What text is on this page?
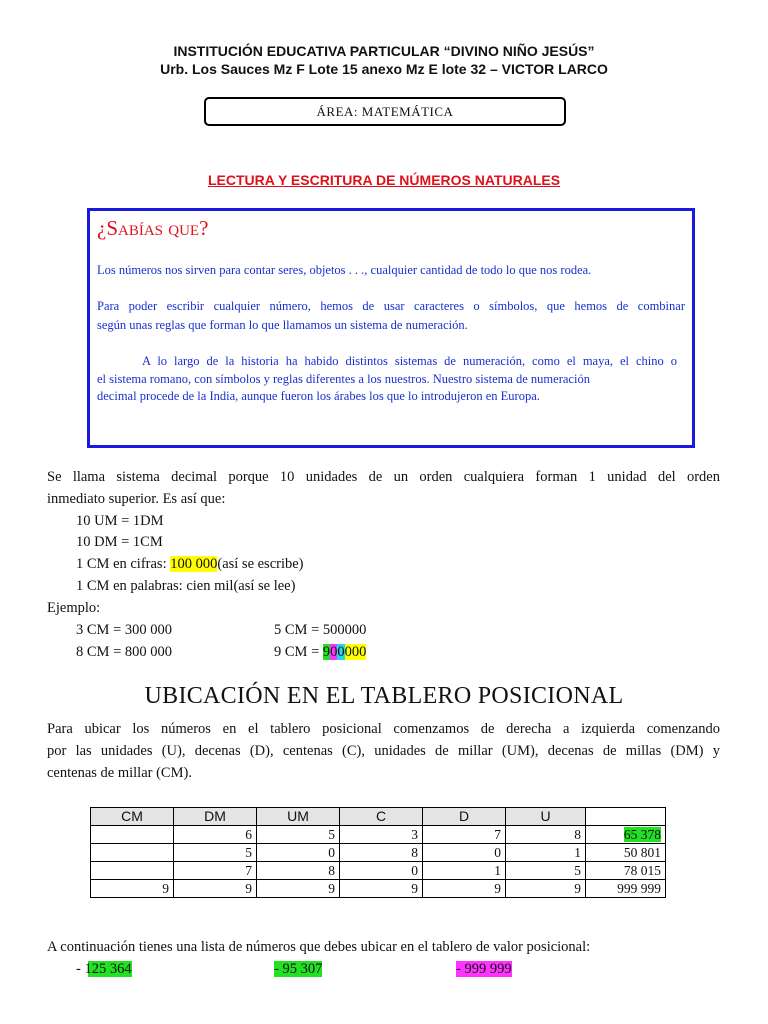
INSTITUCIÓN EDUCATIVA PARTICULAR “DIVINO NIÑO JESÚS”
Urb. Los Sauces Mz F Lote 15 anexo Mz E lote 32 – VICTOR LARCO
ÁREA: MATEMÁTICA
LECTURA Y ESCRITURA DE NÚMEROS NATURALES
¿Sabías que?
Los números nos sirven para contar seres, objetos . . ., cualquier cantidad de todo lo que nos rodea.
Para poder escribir cualquier número, hemos de usar caracteres o símbolos, que hemos de combinar
según unas reglas que forman lo que llamamos un sistema de numeración.
A lo largo de la historia ha habido distintos sistemas de numeración, como el maya, el chino o
el sistema romano, con símbolos y reglas diferentes a los nuestros. Nuestro sistema de numeración
decimal procede de la India, aunque fueron los árabes los que lo introdujeron en Europa.
Se llama sistema decimal porque 10 unidades de un orden cualquiera forman 1 unidad del orden
inmediato superior. Es así que:
10 UM = 1DM
10 DM = 1CM
1 CM en cifras: 100 000(así se escribe)
1 CM en palabras: cien mil(así se lee)
Ejemplo:
3 CM = 300 000	5 CM = 500000
8 CM = 800 000	9 CM = 900000
UBICACIÓN EN EL TABLERO POSICIONAL
Para ubicar los números en el tablero posicional comenzamos de derecha a izquierda comenzando
por las unidades (U), decenas (D), centenas (C), unidades de millar (UM), decenas de millas (DM) y
centenas de millar (CM).
CM	DM	UM	C	D	U	
	6	5	3	7	8	65 378
	5	0	8	0	1	50 801
	7	8	0	1	5	78 015
9	9	9	9	9	9	999 999
A continuación tienes una lista de números que debes ubicar en el tablero de valor posicional:
- 125 364	- 95 307	- 999 999
